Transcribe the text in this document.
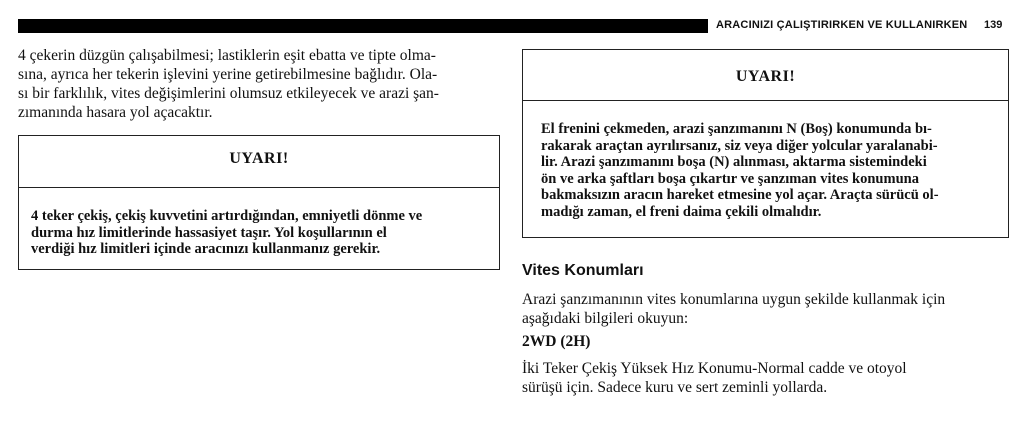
ARACINIZI ÇALIŞTIRIRKEN VE KULLANIRKEN 139

4 çekerin düzgün çalışabilmesi; lastiklerin eşit ebatta ve tipte olma-
sına, ayrıca her tekerin işlevini yerine getirebilmesine bağlıdır. Ola-
sı bir farklılık, vites değişimlerini olumsuz etkileyecek ve arazi şan-
zımanında hasara yol açacaktır.

UYARI!

4 teker çekiş, çekiş kuvvetini artırdığından, emniyetli dönme ve
durma hız limitlerinde hassasiyet taşır. Yol koşullarının el
verdiği hız limitleri içinde aracınızı kullanmanız gerekir.

UYARI!

El frenini çekmeden, arazi şanzımanını N (Boş) konumunda bı-
rakarak araçtan ayrılırsanız, siz veya diğer yolcular yaralanabi-
lir. Arazi şanzımanını boşa (N) alınması, aktarma sistemindeki
ön ve arka şaftları boşa çıkartır ve şanzıman vites konumuna
bakmaksızın aracın hareket etmesine yol açar. Araçta sürücü ol-
madığı zaman, el freni daima çekili olmalıdır.

Vites Konumları

Arazi şanzımanının vites konumlarına uygun şekilde kullanmak için
aşağıdaki bilgileri okuyun:

2WD (2H)

İki Teker Çekiş Yüksek Hız Konumu-Normal cadde ve otoyol
sürüşü için. Sadece kuru ve sert zeminli yollarda.
